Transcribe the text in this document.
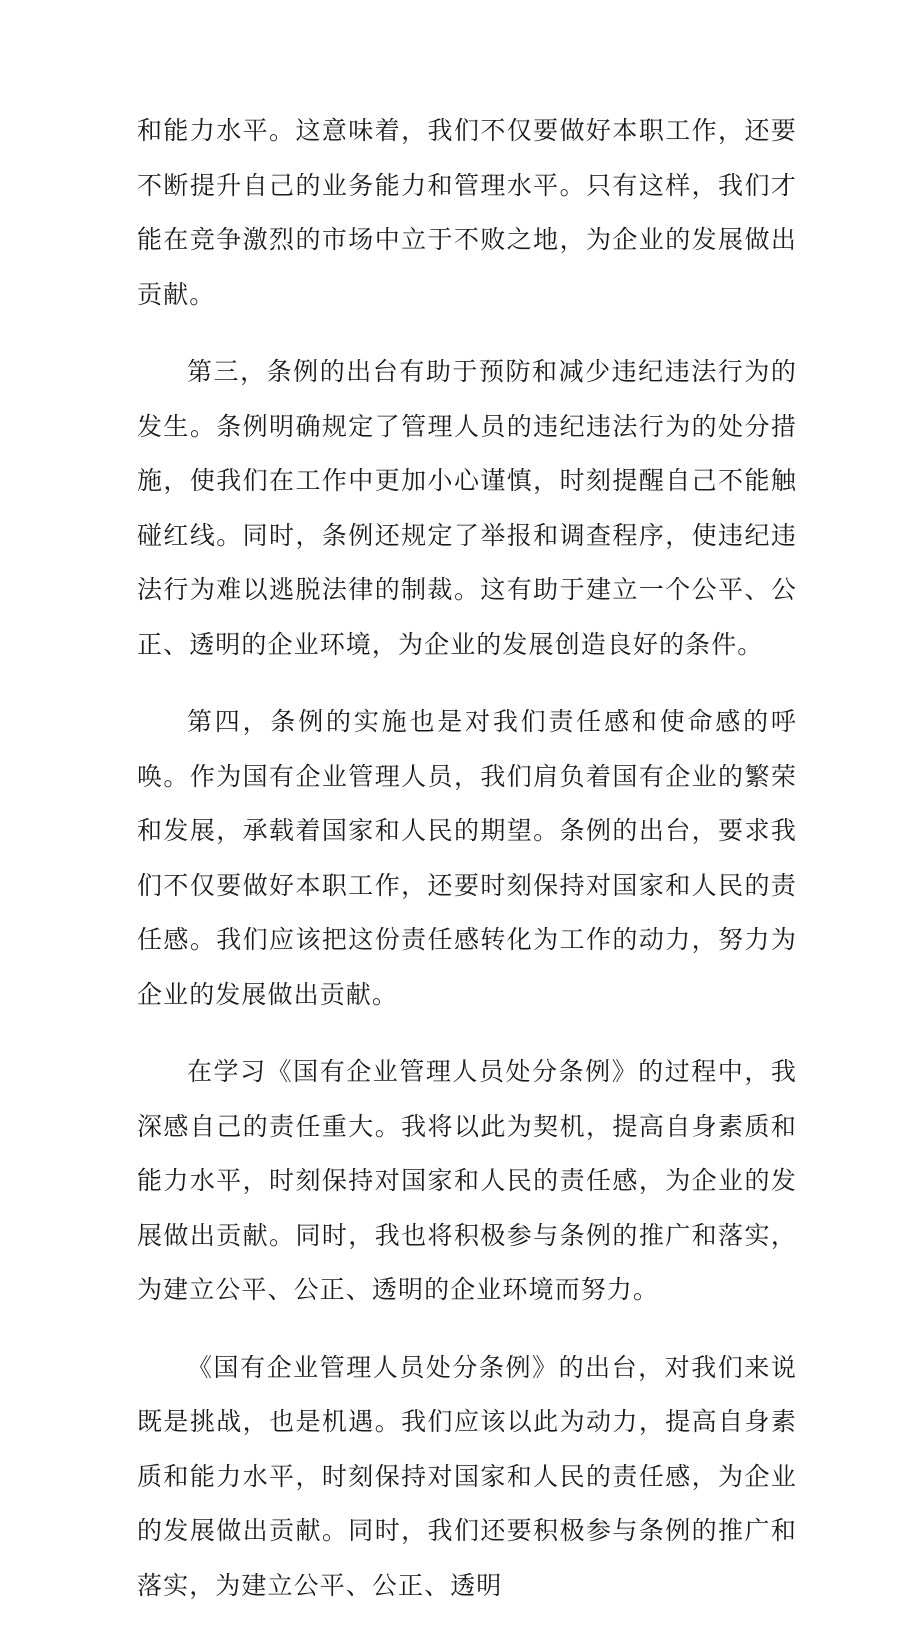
和能力水平。这意味着，我们不仅要做好本职工作，还要不断提升自己的业务能力和管理水平。只有这样，我们才能在竞争激烈的市场中立于不败之地，为企业的发展做出贡献。

第三，条例的出台有助于预防和减少违纪违法行为的发生。条例明确规定了管理人员的违纪违法行为的处分措施，使我们在工作中更加小心谨慎，时刻提醒自己不能触碰红线。同时，条例还规定了举报和调查程序，使违纪违法行为难以逃脱法律的制裁。这有助于建立一个公平、公正、透明的企业环境，为企业的发展创造良好的条件。

第四，条例的实施也是对我们责任感和使命感的呼唤。作为国有企业管理人员，我们肩负着国有企业的繁荣和发展，承载着国家和人民的期望。条例的出台，要求我们不仅要做好本职工作，还要时刻保持对国家和人民的责任感。我们应该把这份责任感转化为工作的动力，努力为企业的发展做出贡献。

在学习《国有企业管理人员处分条例》的过程中，我深感自己的责任重大。我将以此为契机，提高自身素质和能力水平，时刻保持对国家和人民的责任感，为企业的发展做出贡献。同时，我也将积极参与条例的推广和落实，为建立公平、公正、透明的企业环境而努力。

《国有企业管理人员处分条例》的出台，对我们来说既是挑战，也是机遇。我们应该以此为动力，提高自身素质和能力水平，时刻保持对国家和人民的责任感，为企业的发展做出贡献。同时，我们还要积极参与条例的推广和落实，为建立公平、公正、透明
